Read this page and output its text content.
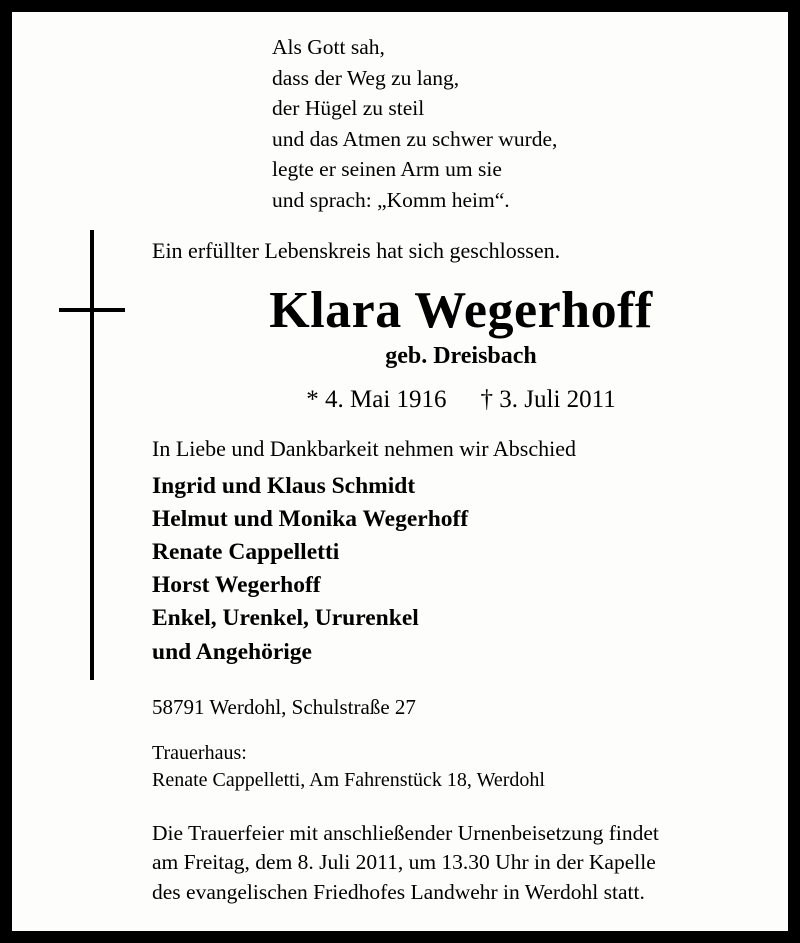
Als Gott sah,
dass der Weg zu lang,
der Hügel zu steil
und das Atmen zu schwer wurde,
legte er seinen Arm um sie
und sprach: „Komm heim“.
Ein erfüllter Lebenskreis hat sich geschlossen.
Klara Wegerhoff
geb. Dreisbach
* 4. Mai 1916 † 3. Juli 2011
In Liebe und Dankbarkeit nehmen wir Abschied
Ingrid und Klaus Schmidt
Helmut und Monika Wegerhoff
Renate Cappelletti
Horst Wegerhoff
Enkel, Urenkel, Ururenkel
und Angehörige
58791 Werdohl, Schulstraße 27
Trauerhaus:
Renate Cappelletti, Am Fahrenstück 18, Werdohl
Die Trauerfeier mit anschließender Urnenbeisetzung findet
am Freitag, dem 8. Juli 2011, um 13.30 Uhr in der Kapelle
des evangelischen Friedhofes Landwehr in Werdohl statt.
